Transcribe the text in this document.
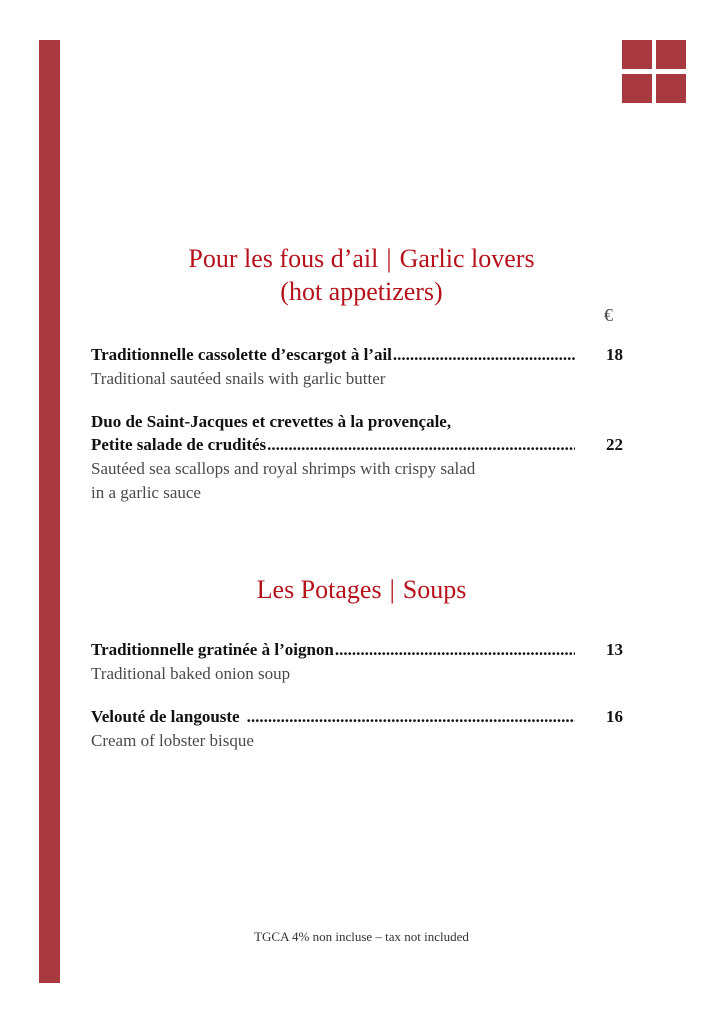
Pour les fous d’ail | Garlic lovers
(hot appetizers)
€
Traditionnelle cassolette d’escargot à l’ail .....	18
Traditional sautéed snails with garlic butter
Duo de Saint-Jacques et crevettes à la provençale,
Petite salade de crudités .....	22
Sautéed sea scallops and royal shrimps with crispy salad
in a garlic sauce
Les Potages | Soups
Traditionnelle gratinée à l’oignon .....	13
Traditional baked onion soup
Velouté de langouste .....	16
Cream of lobster bisque
TGCA 4% non incluse – tax not included
